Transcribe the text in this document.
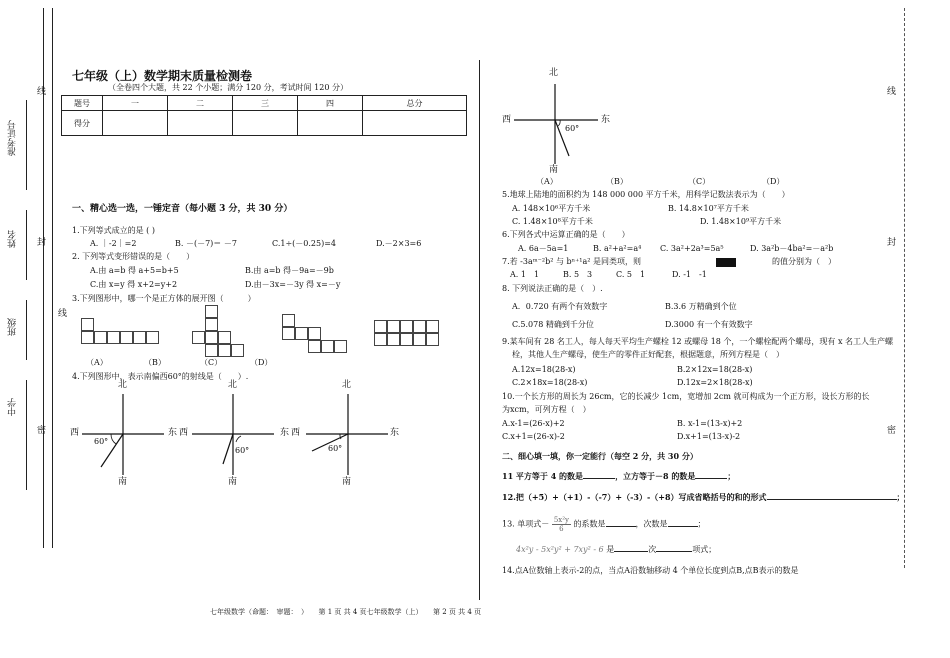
线
封
密
线
封
密
线
准考证号
姓名
班级
中学
七年级（上）数学期末质量检测卷
（全卷四个大题，共 22 个小题；满分 120 分，考试时间 120 分）
题号	一	二	三	四	总分
得分					
一、精心选一选，一锤定音（每小题 3 分，共 30 分）
1.下列等式成立的是 ( )
A. ｜-2｜=2	B. －(－7)＝ －7	C.1÷(－0.25)=4	D.－2×3=6
2. 下列等式变形错误的是（　　）
A.由 a=b 得 a+5=b+5	B.由 a=b 得－9a=－9b
C.由 x=y 得 x+2=y+2	D.由－3x=－3y 得 x=－y
3.下列图形中，哪一个是正方体的展开图（　　　）
（A）	（B）	（C）	（D）
4.下列图形中，表示南偏西60°的射线是（　　）.
北
西	东
南
60°
北
西	东
南
60°
北
西	东
南
60°
北
西	东
南
60°
（A）	（B）	（C）	（D）
5.地球上陆地的面积约为 148 000 000 平方千米，用科学记数法表示为（　　）
A. 148×10⁶平方千米	B. 14.8×10⁷平方千米
C. 1.48×10⁸平方千米	D. 1.48×10⁹平方千米
6.下列各式中运算正确的是（　　）
A. 6a－5a=1	B. a²+a²=a⁴ C. 3a²+2a³=5a⁵	D. 3a²b－4ba²=－a²b
7.若 -3aᵐ⁻²b² 与 bⁿ⁺¹a² 是同类项，则	的值分别为（　）
A. 1　1	B. 5　3	C. 5　1	D. -1　-1
8. 下列说法正确的是（　）.
A．0.720 有两个有效数字	B.3.6 万精确到个位
C.5.078 精确到千分位	D.3000 有一个有效数字
9.某车间有 28 名工人，每人每天平均生产螺栓 12 或螺母 18 个，一个螺栓配两个螺母，现有 x 名工人生产螺
栓，其他人生产螺母，使生产的零件正好配套，根据题意，所列方程是（　）
A.12x=18(28-x)	B.2×12x=18(28-x)
C.2×18x=18(28-x)	D.12x=2×18(28-x)
10.一个长方形的周长为 26cm，它的长减少 1cm，宽增加 2cm 就可构成为一个正方形，设长方形的长
为xcm，可列方程（　）
A.x-1=(26-x)+2	B. x-1=(13-x)+2
C.x+1=(26-x)-2	D.x+1=(13-x)-2
二、细心填一填，你一定能行（每空 2 分，共 30 分）
11 平方等于 4 的数是	，立方等于－8 的数是	；
12.把（+5）+（+1）-（-7）+（-3）-（+8）写成省略括号的和的形式	；
13. 单项式－ $\frac{\text{5x²y}}{6}$ 的系数是	，次数是	；
4x²y - 5x²y² + 7xy² - 6 是	次	项式；
14.点A位数轴上表示-2的点，当点A沿数轴移动 4 个单位长度到点B,点B表示的数是
七年级数学（命题：　审题：　）　　第 1 页 共 4 页七年级数学（上）　　第 2 页 共 4 页
